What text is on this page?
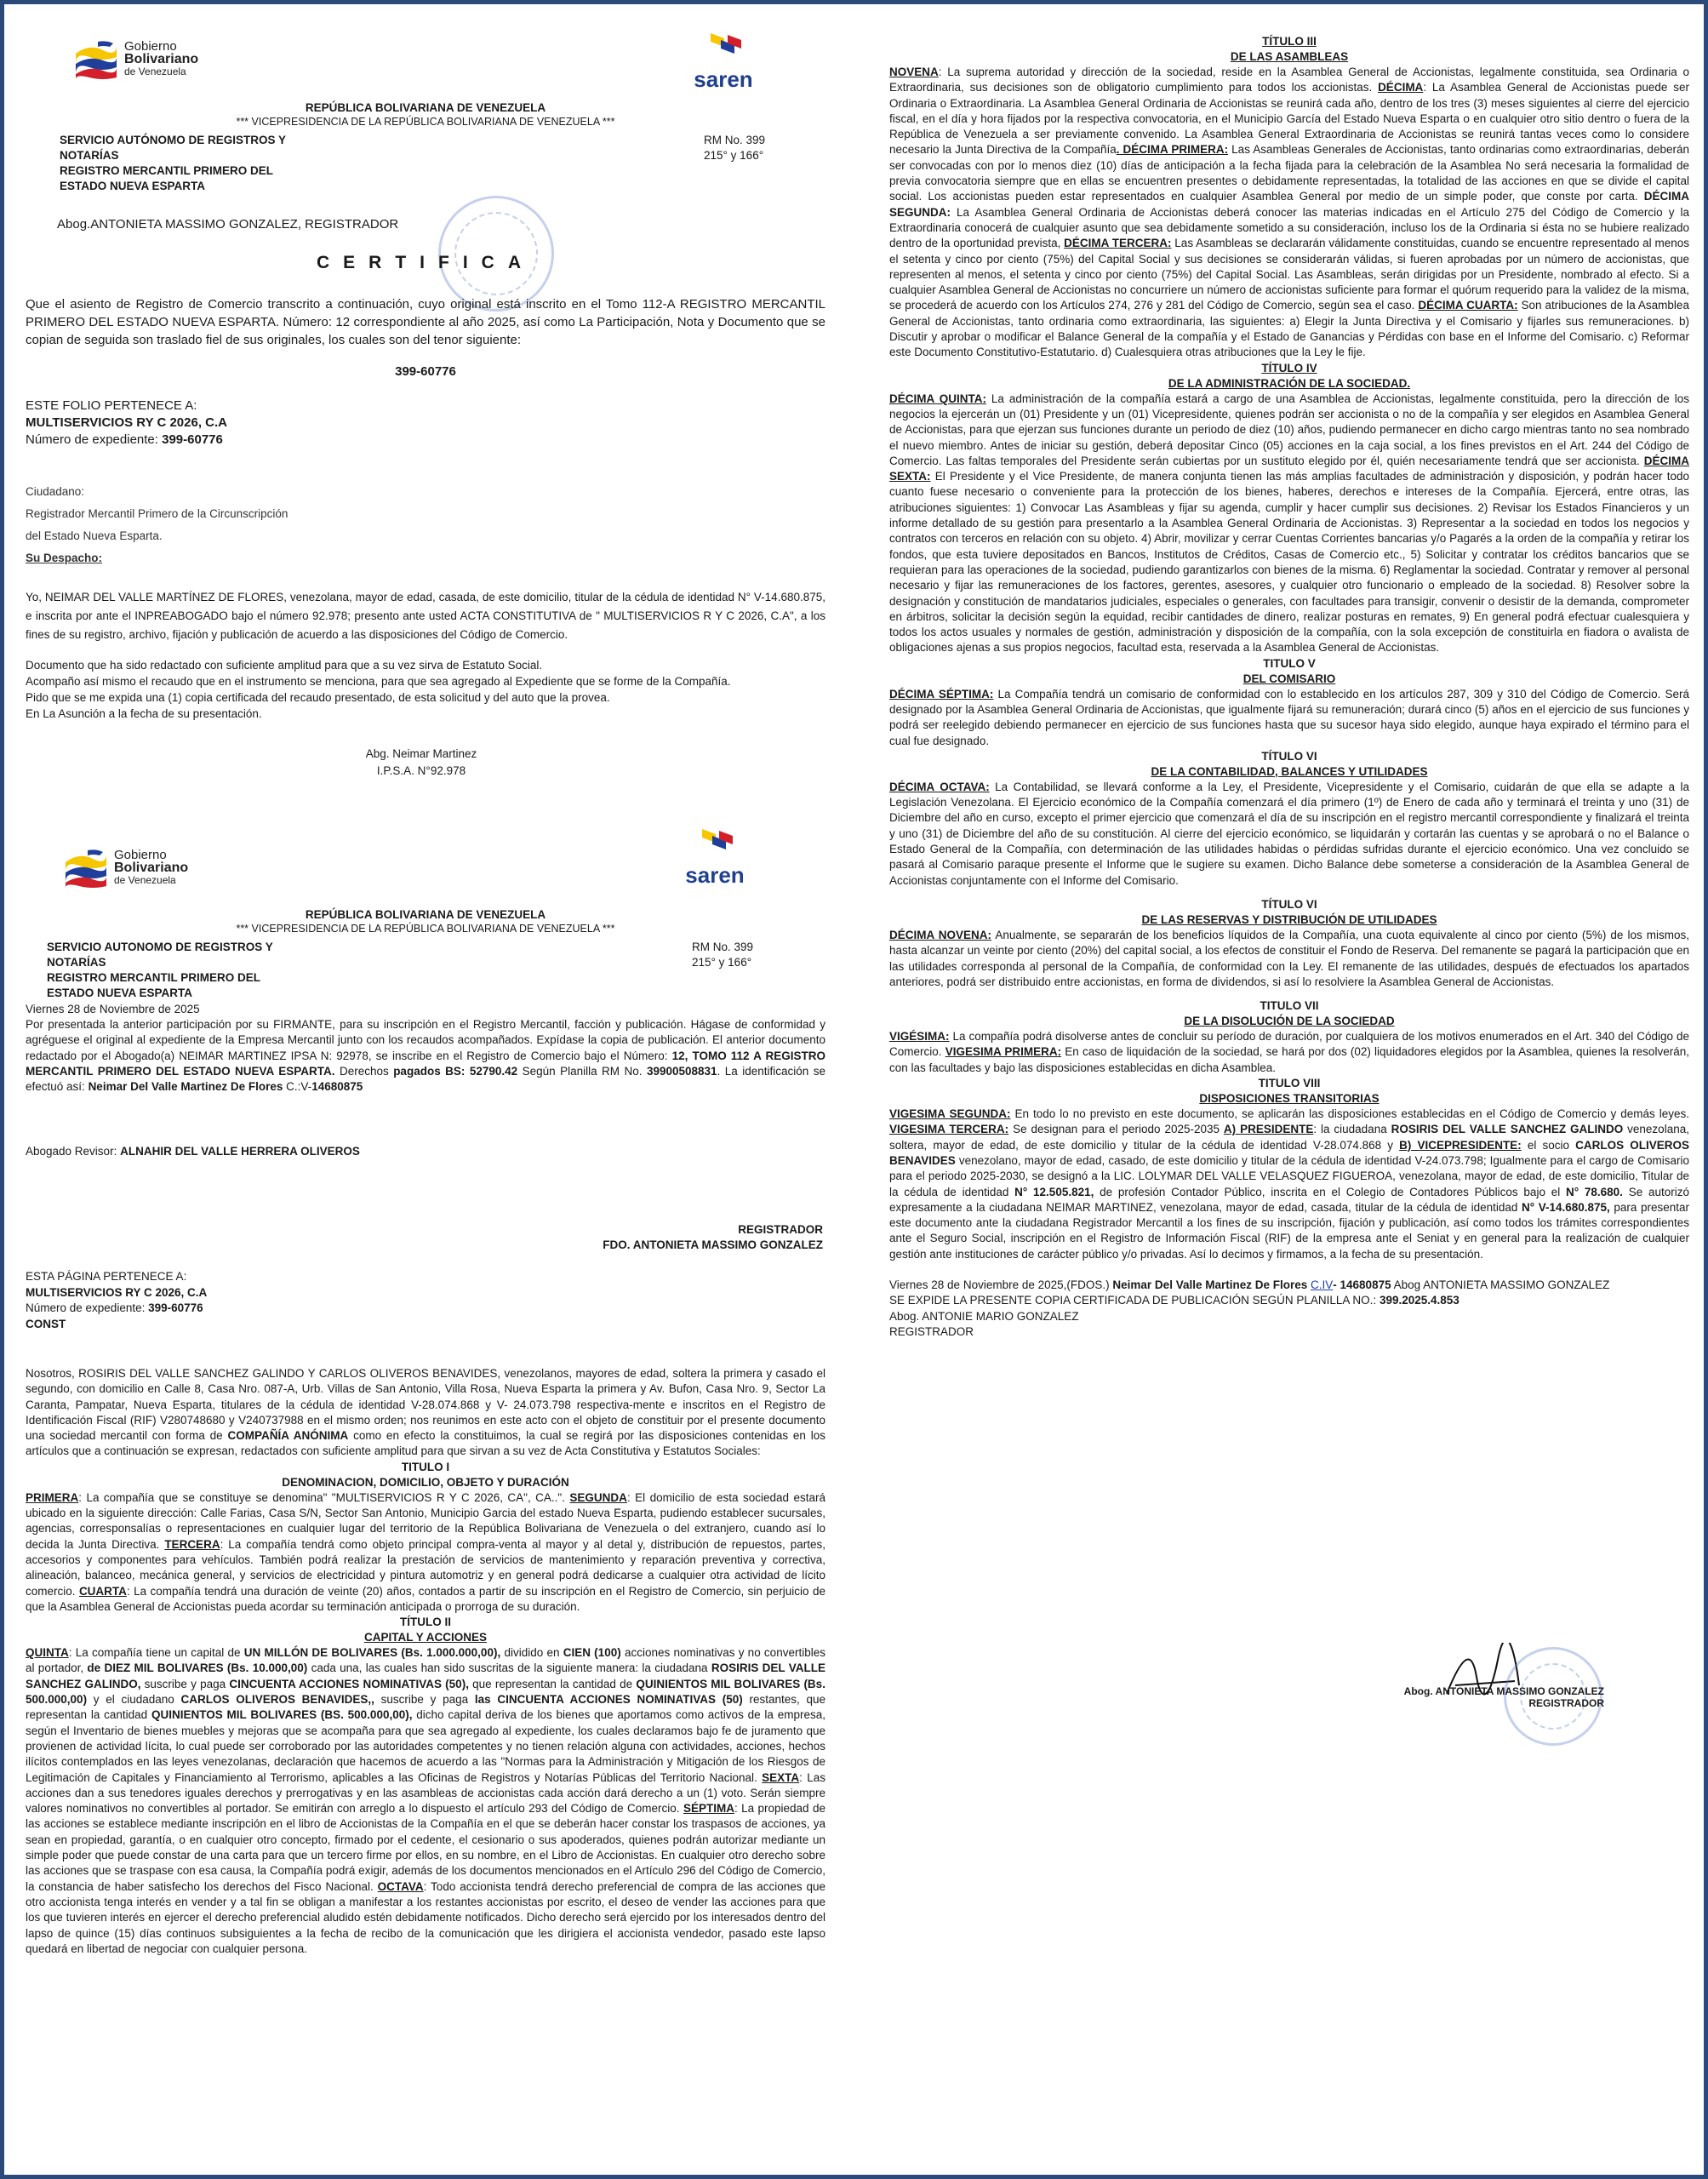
Gobierno
Bolivariano
de Venezuela	saren
REPÚBLICA BOLIVARIANA DE VENEZUELA
*** VICEPRESIDENCIA DE LA REPÚBLICA BOLIVARIANA DE VENEZUELA ***
SERVICIO AUTÓNOMO DE REGISTROS Y
NOTARÍAS
REGISTRO MERCANTIL PRIMERO DEL
ESTADO NUEVA ESPARTA
RM No. 399
215° y 166°
Abog.ANTONIETA MASSIMO GONZALEZ, REGISTRADOR
CERTIFICA

Que el asiento de Registro de Comercio transcrito a continuación, cuyo original está inscrito en el Tomo 112-A REGISTRO MERCANTIL PRIMERO DEL ESTADO NUEVA ESPARTA. Número: 12 correspondiente al año 2025, así como La Participación, Nota y Documento que se copian de seguida son traslado fiel de sus originales, los cuales son del tenor siguiente:

399-60776
ESTE FOLIO PERTENECE A:
MULTISERVICIOS RY C 2026, C.A
Número de expediente: 399-60776
Ciudadano:
Registrador Mercantil Primero de la Circunscripción
del Estado Nueva Esparta.
Su Despacho:

Yo, NEIMAR DEL VALLE MARTÍNEZ DE FLORES, venezolana, mayor de edad, casada, de este domicilio, titular de la cédula de identidad N° V-14.680.875, e inscrita por ante el INPREABOGADO bajo el número 92.978; presento ante usted ACTA CONSTITUTIVA de " MULTISERVICIOS R Y C 2026, C.A", a los fines de su registro, archivo, fijación y publicación de acuerdo a las disposiciones del Código de Comercio.

Documento que ha sido redactado con suficiente amplitud para que a su vez sirva de Estatuto Social.

Acompaño así mismo el recaudo que en el instrumento se menciona, para que sea agregado al Expediente que se forme de la Compañía.

Pido que se me expida una (1) copia certificada del recaudo presentado, de esta solicitud y del auto que la provea.

En La Asunción a la fecha de su presentación.

Abg. Neimar Martinez
I.P.S.A. N°92.978
Gobierno
Bolivariano
de Venezuela	saren
REPÚBLICA BOLIVARIANA DE VENEZUELA
*** VICEPRESIDENCIA DE LA REPÚBLICA BOLIVARIANA DE VENEZUELA ***
SERVICIO AUTONOMO DE REGISTROS Y
NOTARÍAS
REGISTRO MERCANTIL PRIMERO DEL
ESTADO NUEVA ESPARTA
RM No. 399
215° y 166°
Viernes 28 de Noviembre de 2025

Por presentada la anterior participación por su FIRMANTE, para su inscripción en el Registro Mercantil, facción y publicación. Hágase de conformidad y agréguese el original al expediente de la Empresa Mercantil junto con los recaudos acompañados. Expídase la copia de publicación. El anterior documento redactado por el Abogado(a) NEIMAR MARTINEZ IPSA N: 92978, se inscribe en el Registro de Comercio bajo el Número: 12, TOMO 112 A REGISTRO MERCANTIL PRIMERO DEL ESTADO NUEVA ESPARTA. Derechos pagados BS: 52790.42 Según Planilla RM No. 39900508831. La identificación se efectuó así: Neimar Del Valle Martinez De Flores C.:V-14680875

Abogado Revisor: ALNAHIR DEL VALLE HERRERA OLIVEROS
REGISTRADOR
FDO. ANTONIETA MASSIMO GONZALEZ
ESTA PÁGINA PERTENECE A:
MULTISERVICIOS RY C 2026, C.A
Número de expediente: 399-60776
CONST

Nosotros, ROSIRIS DEL VALLE SANCHEZ GALINDO Y CARLOS OLIVEROS BENAVIDES, venezolanos, mayores de edad, soltera la primera y casado el segundo, con domicilio en Calle 8, Casa Nro. 087-A, Urb. Villas de San Antonio, Villa Rosa, Nueva Esparta la primera y Av. Bufon, Casa Nro. 9, Sector La Caranta, Pampatar, Nueva Esparta, titulares de la cédula de identidad V-28.074.868 y V- 24.073.798 respectiva-mente e inscritos en el Registro de Identificación Fiscal (RIF) V280748680 y V240737988 en el mismo orden; nos reunimos en este acto con el objeto de constituir por el presente documento una sociedad mercantil con forma de COMPAÑÍA ANÓNIMA como en efecto la constituimos, la cual se regirá por las disposiciones contenidas en los artículos que a continuación se expresan, redactados con suficiente amplitud para que sirvan a su vez de Acta Constitutiva y Estatutos Sociales:

TITULO I

DENOMINACION, DOMICILIO, OBJETO Y DURACIÓN

PRIMERA: La compañía que se constituye se denomina" "MULTISERVICIOS R Y C 2026, CA", CA..". SEGUNDA: El domicilio de esta sociedad estará ubicado en la siguiente dirección: Calle Farias, Casa S/N, Sector San Antonio, Municipio Garcia del estado Nueva Esparta, pudiendo establecer sucursales, agencias, corresponsalías o representaciones en cualquier lugar del territorio de la República Bolivariana de Venezuela o del extranjero, cuando así lo decida la Junta Directiva. TERCERA: La compañía tendrá como objeto principal compra-venta al mayor y al detal y, distribución de repuestos, partes, accesorios y componentes para vehículos. También podrá realizar la prestación de servicios de mantenimiento y reparación preventiva y correctiva, alineación, balanceo, mecánica general, y servicios de electricidad y pintura automotriz y en general podrá dedicarse a cualquier otra actividad de lícito comercio. CUARTA: La compañía tendrá una duración de veinte (20) años, contados a partir de su inscripción en el Registro de Comercio, sin perjuicio de que la Asamblea General de Accionistas pueda acordar su terminación anticipada o prorroga de su duración.

TÍTULO II

CAPITAL Y ACCIONES

QUINTA: La compañía tiene un capital de UN MILLÓN DE BOLIVARES (Bs. 1.000.000,00), dividido en CIEN (100) acciones nominativas y no convertibles al portador, de DIEZ MIL BOLIVARES (Bs. 10.000,00) cada una, las cuales han sido suscritas de la siguiente manera: la ciudadana ROSIRIS DEL VALLE SANCHEZ GALINDO, suscribe y paga CINCUENTA ACCIONES NOMINATIVAS (50), que representan la cantidad de QUINIENTOS MIL BOLIVARES (Bs. 500.000,00) y el ciudadano CARLOS OLIVEROS BENAVIDES,, suscribe y paga las CINCUENTA ACCIONES NOMINATIVAS (50) restantes, que representan la cantidad QUINIENTOS MIL BOLIVARES (BS. 500.000,00), dicho capital deriva de los bienes que aportamos como activos de la empresa, según el Inventario de bienes muebles y mejoras que se acompaña para que sea agregado al expediente, los cuales declaramos bajo fe de juramento que provienen de actividad lícita, lo cual puede ser corroborado por las autoridades competentes y no tienen relación alguna con actividades, acciones, hechos ilícitos contemplados en las leyes venezolanas, declaración que hacemos de acuerdo a las "Normas para la Administración y Mitigación de los Riesgos de Legitimación de Capitales y Financiamiento al Terrorismo, aplicables a las Oficinas de Registros y Notarías Públicas del Territorio Nacional. SEXTA: Las acciones dan a sus tenedores iguales derechos y prerrogativas y en las asambleas de accionistas cada acción dará derecho a un (1) voto. Serán siempre valores nominativos no convertibles al portador. Se emitirán con arreglo a lo dispuesto el artículo 293 del Código de Comercio. SÉPTIMA: La propiedad de las acciones se establece mediante inscripción en el libro de Accionistas de la Compañía en el que se deberán hacer constar los traspasos de acciones, ya sean en propiedad, garantía, o en cualquier otro concepto, firmado por el cedente, el cesionario o sus apoderados, quienes podrán autorizar mediante un simple poder que puede constar de una carta para que un tercero firme por ellos, en su nombre, en el Libro de Accionistas. En cualquier otro derecho sobre las acciones que se traspase con esa causa, la Compañía podrá exigir, además de los documentos mencionados en el Artículo 296 del Código de Comercio, la constancia de haber satisfecho los derechos del Fisco Nacional. OCTAVA: Todo accionista tendrá derecho preferencial de compra de las acciones que otro accionista tenga interés en vender y a tal fin se obligan a manifestar a los restantes accionistas por escrito, el deseo de vender las acciones para que los que tuvieren interés en ejercer el derecho preferencial aludido estén debidamente notificados. Dicho derecho será ejercido por los interesados dentro del lapso de quince (15) días continuos subsiguientes a la fecha de recibo de la comunicación que les dirigiera el accionista vendedor, pasado este lapso quedará en libertad de negociar con cualquier persona.

TÍTULO III

DE LAS ASAMBLEAS

NOVENA: La suprema autoridad y dirección de la sociedad, reside en la Asamblea General de Accionistas, legalmente constituida, sea Ordinaria o Extraordinaria, sus decisiones son de obligatorio cumplimiento para todos los accionistas. DÉCIMA: La Asamblea General de Accionistas puede ser Ordinaria o Extraordinaria. La Asamblea General Ordinaria de Accionistas se reunirá cada año, dentro de los tres (3) meses siguientes al cierre del ejercicio fiscal, en el día y hora fijados por la respectiva convocatoria, en el Municipio García del Estado Nueva Esparta o en cualquier otro sitio dentro o fuera de la República de Venezuela a ser previamente convenido. La Asamblea General Extraordinaria de Accionistas se reunirá tantas veces como lo considere necesario la Junta Directiva de la Compañía. DÉCIMA PRIMERA: Las Asambleas Generales de Accionistas, tanto ordinarias como extraordinarias, deberán ser convocadas con por lo menos diez (10) días de anticipación a la fecha fijada para la celebración de la Asamblea No será necesaria la formalidad de previa convocatoria siempre que en ellas se encuentren presentes o debidamente representadas, la totalidad de las acciones en que se divide el capital social. Los accionistas pueden estar representados en cualquier Asamblea General por medio de un simple poder, que conste por carta. DÉCIMA SEGUNDA: La Asamblea General Ordinaria de Accionistas deberá conocer las materias indicadas en el Artículo 275 del Código de Comercio y la Extraordinaria conocerá de cualquier asunto que sea debidamente sometido a su consideración, incluso los de la Ordinaria si ésta no se hubiere realizado dentro de la oportunidad prevista, DÉCIMA TERCERA: Las Asambleas se declararán válidamente constituidas, cuando se encuentre representado al menos el setenta y cinco por ciento (75%) del Capital Social y sus decisiones se considerarán válidas, si fueren aprobadas por un número de accionistas, que representen al menos, el setenta y cinco por ciento (75%) del Capital Social. Las Asambleas, serán dirigidas por un Presidente, nombrado al efecto. Si a cualquier Asamblea General de Accionistas no concurriere un número de accionistas suficiente para formar el quórum requerido para la validez de la misma, se procederá de acuerdo con los Artículos 274, 276 y 281 del Código de Comercio, según sea el caso. DÉCIMA CUARTA: Son atribuciones de la Asamblea General de Accionistas, tanto ordinaria como extraordinaria, las siguientes: a) Elegir la Junta Directiva y el Comisario y fijarles sus remuneraciones. b) Discutir y aprobar o modificar el Balance General de la compañía y el Estado de Ganancias y Pérdidas con base en el Informe del Comisario. c) Reformar este Documento Constitutivo-Estatutario. d) Cualesquiera otras atribuciones que la Ley le fije.

TÍTULO IV

DE LA ADMINISTRACIÓN DE LA SOCIEDAD.

DÉCIMA QUINTA: La administración de la compañía estará a cargo de una Asamblea de Accionistas, legalmente constituida, pero la dirección de los negocios la ejercerán un (01) Presidente y un (01) Vicepresidente, quienes podrán ser accionista o no de la compañía y ser elegidos en Asamblea General de Accionistas, para que ejerzan sus funciones durante un periodo de diez (10) años, pudiendo permanecer en dicho cargo mientras tanto no sea nombrado el nuevo miembro. Antes de iniciar su gestión, deberá depositar Cinco (05) acciones en la caja social, a los fines previstos en el Art. 244 del Código de Comercio. Las faltas temporales del Presidente serán cubiertas por un sustituto elegido por él, quién necesariamente tendrá que ser accionista. DÉCIMA SEXTA: El Presidente y el Vice Presidente, de manera conjunta tienen las más amplias facultades de administración y disposición, y podrán hacer todo cuanto fuese necesario o conveniente para la protección de los bienes, haberes, derechos e intereses de la Compañía. Ejercerá, entre otras, las atribuciones siguientes: 1) Convocar Las Asambleas y fijar su agenda, cumplir y hacer cumplir sus decisiones. 2) Revisar los Estados Financieros y un informe detallado de su gestión para presentarlo a la Asamblea General Ordinaria de Accionistas. 3) Representar a la sociedad en todos los negocios y contratos con terceros en relación con su objeto. 4) Abrir, movilizar y cerrar Cuentas Corrientes bancarias y/o Pagarés a la orden de la compañía y retirar los fondos, que esta tuviere depositados en Bancos, Institutos de Créditos, Casas de Comercio etc., 5) Solicitar y contratar los créditos bancarios que se requieran para las operaciones de la sociedad, pudiendo garantizarlos con bienes de la misma. 6) Reglamentar la sociedad. Contratar y remover al personal necesario y fijar las remuneraciones de los factores, gerentes, asesores, y cualquier otro funcionario o empleado de la sociedad. 8) Resolver sobre la designación y constitución de mandatarios judiciales, especiales o generales, con facultades para transigir, convenir o desistir de la demanda, comprometer en árbitros, solicitar la decisión según la equidad, recibir cantidades de dinero, realizar posturas en remates, 9) En general podrá efectuar cualesquiera y todos los actos usuales y normales de gestión, administración y disposición de la compañía, con la sola excepción de constituirla en fiadora o avalista de obligaciones ajenas a sus propios negocios, facultad esta, reservada a la Asamblea General de Accionistas.

TITULO V

DEL COMISARIO

DÉCIMA SÉPTIMA: La Compañía tendrá un comisario de conformidad con lo establecido en los artículos 287, 309 y 310 del Código de Comercio. Será designado por la Asamblea General Ordinaria de Accionistas, que igualmente fijará su remuneración; durará cinco (5) años en el ejercicio de sus funciones y podrá ser reelegido debiendo permanecer en ejercicio de sus funciones hasta que su sucesor haya sido elegido, aunque haya expirado el término para el cual fue designado.

TÍTULO VI

DE LA CONTABILIDAD, BALANCES Y UTILIDADES

DÉCIMA OCTAVA: La Contabilidad, se llevará conforme a la Ley, el Presidente, Vicepresidente y el Comisario, cuidarán de que ella se adapte a la Legislación Venezolana. El Ejercicio económico de la Compañía comenzará el día primero (1º) de Enero de cada año y terminará el treinta y uno (31) de Diciembre del año en curso, excepto el primer ejercicio que comenzará el día de su inscripción en el registro mercantil correspondiente y finalizará el treinta y uno (31) de Diciembre del año de su constitución. Al cierre del ejercicio económico, se liquidarán y cortarán las cuentas y se aprobará o no el Balance o Estado General de la Compañía, con determinación de las utilidades habidas o pérdidas sufridas durante el ejercicio económico. Una vez concluido se pasará al Comisario paraque presente el Informe que le sugiere su examen. Dicho Balance debe someterse a consideración de la Asamblea General de Accionistas conjuntamente con el Informe del Comisario.

TÍTULO VI

DE LAS RESERVAS Y DISTRIBUCIÓN DE UTILIDADES

DÉCIMA NOVENA: Anualmente, se separarán de los beneficios líquidos de la Compañía, una cuota equivalente al cinco por ciento (5%) de los mismos, hasta alcanzar un veinte por ciento (20%) del capital social, a los efectos de constituir el Fondo de Reserva. Del remanente se pagará la participación que en las utilidades corresponda al personal de la Compañía, de conformidad con la Ley. El remanente de las utilidades, después de efectuados los apartados anteriores, podrá ser distribuido entre accionistas, en forma de dividendos, si así lo resolviere la Asamblea General de Accionistas.

TITULO VII

DE LA DISOLUCIÓN DE LA SOCIEDAD

VIGÉSIMA: La compañía podrá disolverse antes de concluir su período de duración, por cualquiera de los motivos enumerados en el Art. 340 del Código de Comercio. VIGESIMA PRIMERA: En caso de liquidación de la sociedad, se hará por dos (02) liquidadores elegidos por la Asamblea, quienes la resolverán, con las facultades y bajo las disposiciones establecidas en dicha Asamblea.

TITULO VIII

DISPOSICIONES TRANSITORIAS

VIGESIMA SEGUNDA: En todo lo no previsto en este documento, se aplicarán las disposiciones establecidas en el Código de Comercio y demás leyes. VIGESIMA TERCERA: Se designan para el periodo 2025-2035 A) PRESIDENTE: la ciudadana ROSIRIS DEL VALLE SANCHEZ GALINDO venezolana, soltera, mayor de edad, de este domicilio y titular de la cédula de identidad V-28.074.868 y B) VICEPRESIDENTE: el socio CARLOS OLIVEROS BENAVIDES venezolano, mayor de edad, casado, de este domicilio y titular de la cédula de identidad V-24.073.798; Igualmente para el cargo de Comisario para el periodo 2025-2030, se designó a la LIC. LOLYMAR DEL VALLE VELASQUEZ FIGUEROA, venezolana, mayor de edad, de este domicilio, Titular de la cédula de identidad N° 12.505.821, de profesión Contador Público, inscrita en el Colegio de Contadores Públicos bajo el N° 78.680. Se autorizó expresamente a la ciudadana NEIMAR MARTINEZ, venezolana, mayor de edad, casada, titular de la cédula de identidad N° V-14.680.875, para presentar este documento ante la ciudadana Registrador Mercantil a los fines de su inscripción, fijación y publicación, así como todos los trámites correspondientes ante el Seguro Social, inscripción en el Registro de Información Fiscal (RIF) de la empresa ante el Seniat y en general para la realización de cualquier gestión ante instituciones de carácter público y/o privadas. Así lo decimos y firmamos, a la fecha de su presentación.

Viernes 28 de Noviembre de 2025,(FDOS.) Neimar Del Valle Martinez De Flores C.IV- 14680875 Abog ANTONIETA MASSIMO GONZALEZ

SE EXPIDE LA PRESENTE COPIA CERTIFICADA DE PUBLICACIÓN SEGÚN PLANILLA NO.: 399.2025.4.853

Abog. ANTONIE MARIO GONZALEZ

REGISTRADOR

Abog. ANTONIETA MASSIMO GONZALEZ
REGISTRADOR
